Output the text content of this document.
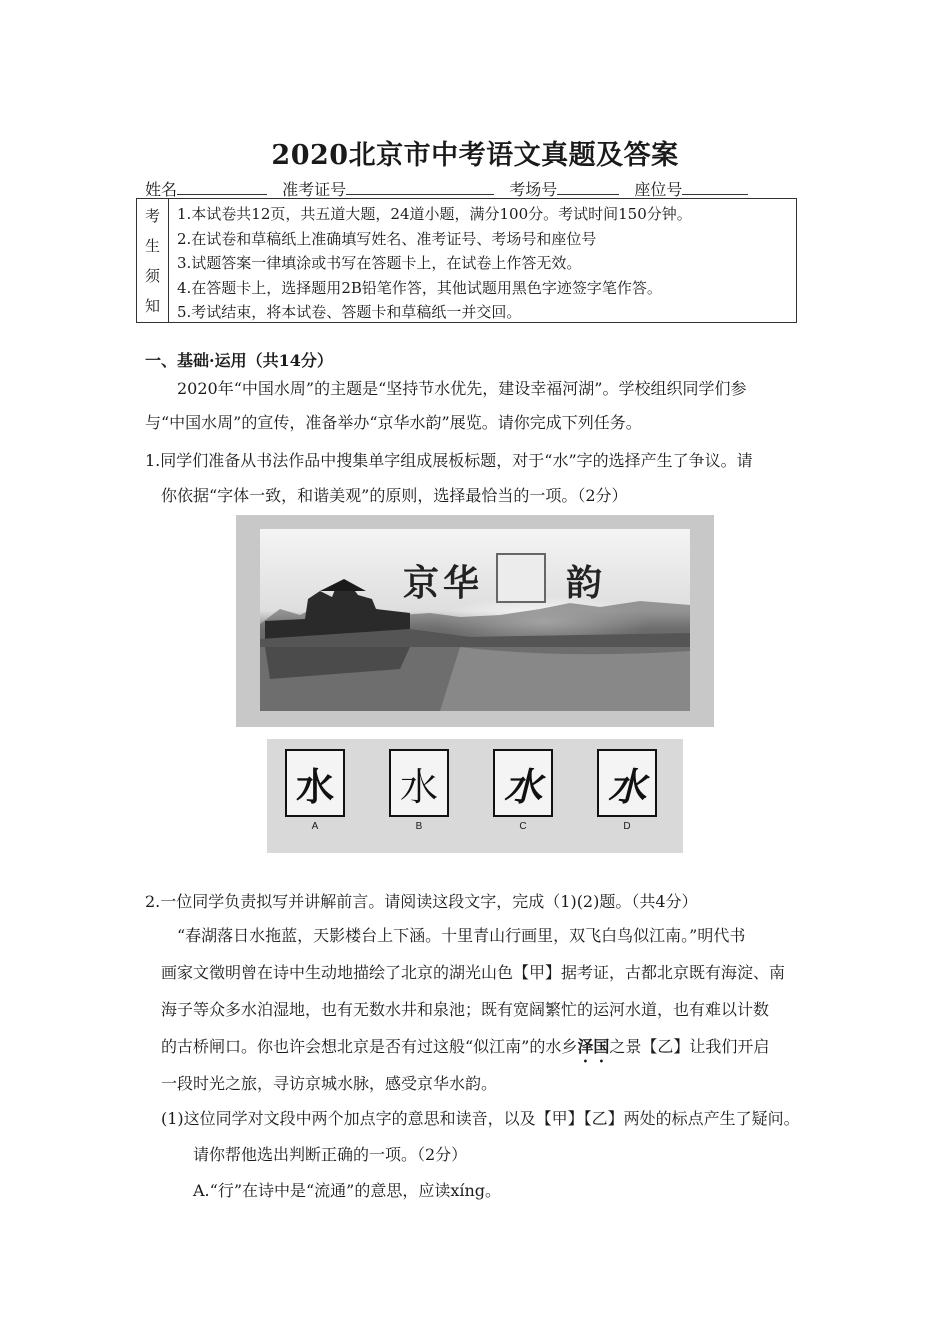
2020北京市中考语文真题及答案
姓名	准考证号	考场号	座位号
考
生
须
知
1.本试卷共12页，共五道大题，24道小题，满分100分。考试时间150分钟。
2.在试卷和草稿纸上准确填写姓名、准考证号、考场号和座位号
3.试题答案一律填涂或书写在答题卡上，在试卷上作答无效。
4.在答题卡上，选择题用2B铅笔作答，其他试题用黑色字迹签字笔作答。
5.考试结束，将本试卷、答题卡和草稿纸一并交回。
一、基础·运用（共14分）
2020年“中国水周”的主题是“坚持节水优先，建设幸福河湖”。学校组织同学们参
与“中国水周”的宣传，准备举办“京华水韵”展览。请你完成下列任务。
1.同学们准备从书法作品中搜集单字组成展板标题，对于“水”字的选择产生了争议。请
你依据“字体一致，和谐美观”的原则，选择最恰当的一项。（2分）
京华 韵
水
A
水
B
水
C
水
D
2.一位同学负责拟写并讲解前言。请阅读这段文字，完成（1)(2)题。（共4分）
“春湖落日水拖蓝，天影楼台上下涵。十里青山行画里，双飞白鸟似江南。”明代书
画家文徵明曾在诗中生动地描绘了北京的湖光山色【甲】据考证，古都北京既有海淀、南
海子等众多水泊湿地，也有无数水井和泉池；既有宽阔繁忙的运河水道，也有难以计数
的古桥闸口。你也许会想北京是否有过这般“似江南”的水乡泽国之景【乙】让我们开启
一段时光之旅，寻访京城水脉，感受京华水韵。
(1)这位同学对文段中两个加点字的意思和读音，以及【甲】【乙】两处的标点产生了疑问。
请你帮他选出判断正确的一项。（2分）
A.“行”在诗中是“流通”的意思，应读xíng。
